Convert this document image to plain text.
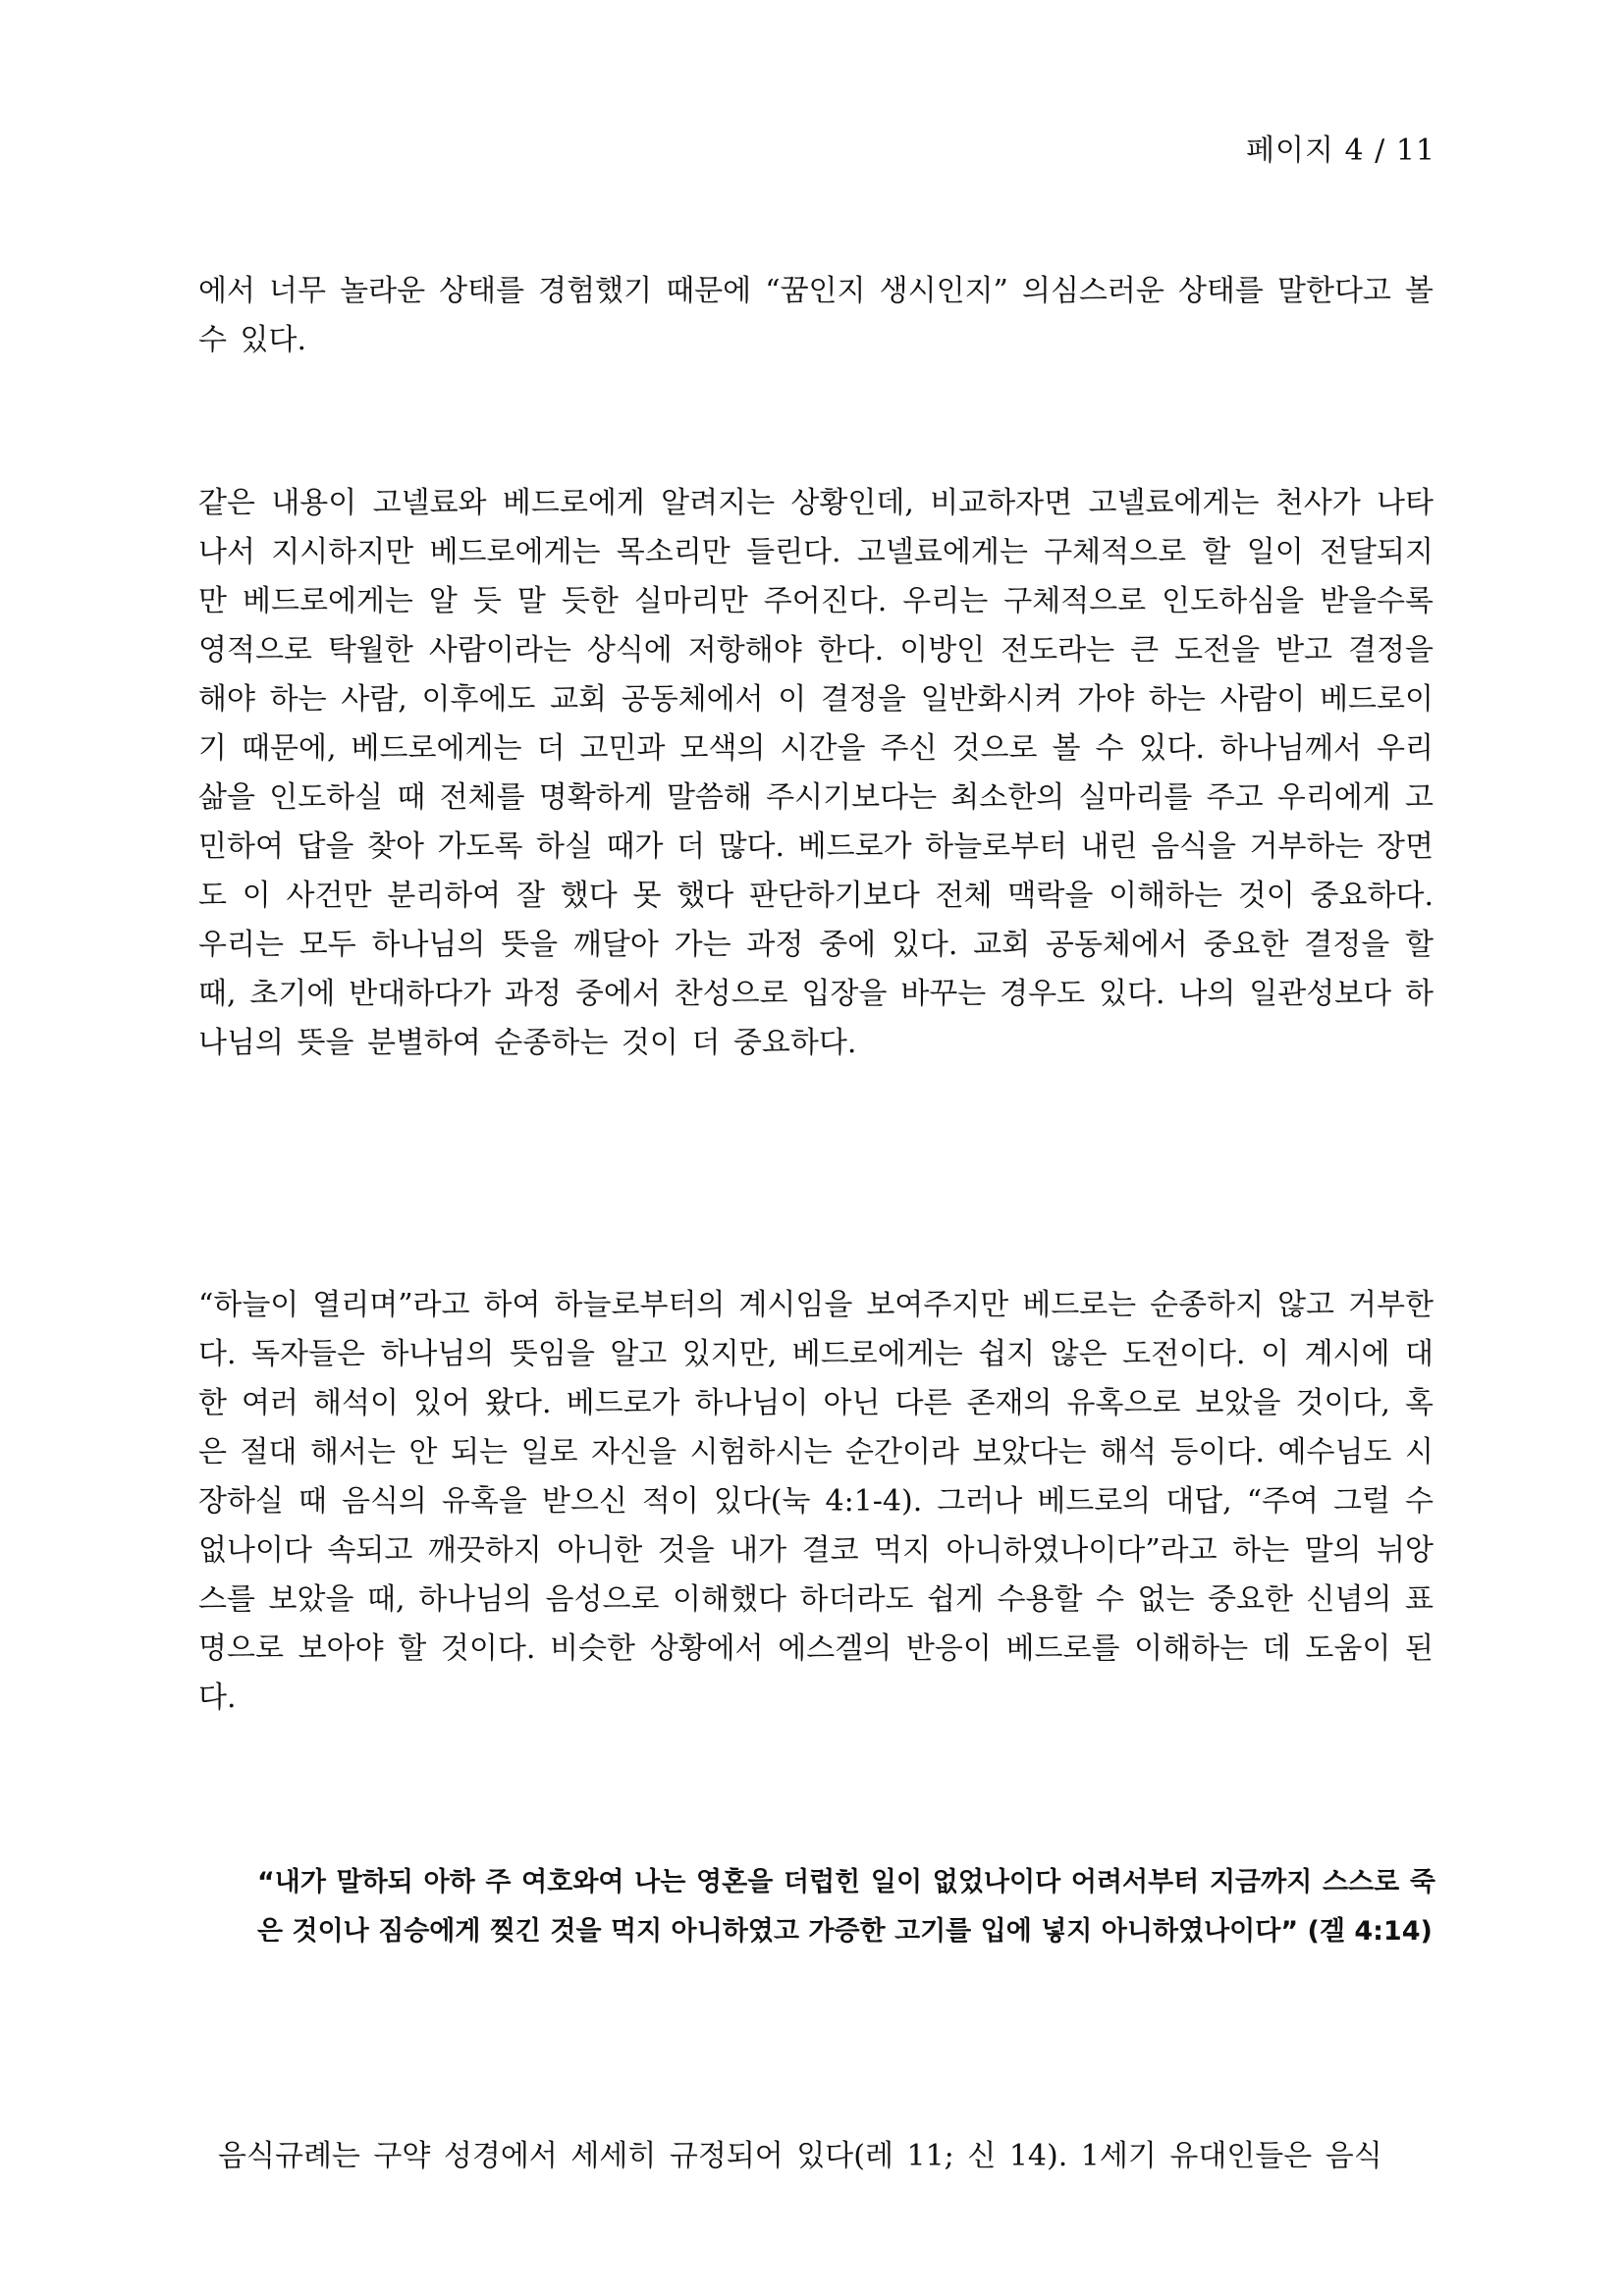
페이지 4 / 11

에서 너무 놀라운 상태를 경험했기 때문에 “꿈인지 생시인지” 의심스러운 상태를 말한다고 볼 수 있다.

같은 내용이 고넬료와 베드로에게 알려지는 상황인데, 비교하자면 고넬료에게는 천사가 나타나서 지시하지만 베드로에게는 목소리만 들린다. 고넬료에게는 구체적으로 할 일이 전달되지만 베드로에게는 알 듯 말 듯한 실마리만 주어진다. 우리는 구체적으로 인도하심을 받을수록 영적으로 탁월한 사람이라는 상식에 저항해야 한다. 이방인 전도라는 큰 도전을 받고 결정을 해야 하는 사람, 이후에도 교회 공동체에서 이 결정을 일반화시켜 가야 하는 사람이 베드로이기 때문에, 베드로에게는 더 고민과 모색의 시간을 주신 것으로 볼 수 있다. 하나님께서 우리 삶을 인도하실 때 전체를 명확하게 말씀해 주시기보다는 최소한의 실마리를 주고 우리에게 고민하여 답을 찾아 가도록 하실 때가 더 많다. 베드로가 하늘로부터 내린 음식을 거부하는 장면도 이 사건만 분리하여 잘 했다 못 했다 판단하기보다 전체 맥락을 이해하는 것이 중요하다. 우리는 모두 하나님의 뜻을 깨달아 가는 과정 중에 있다. 교회 공동체에서 중요한 결정을 할 때, 초기에 반대하다가 과정 중에서 찬성으로 입장을 바꾸는 경우도 있다. 나의 일관성보다 하나님의 뜻을 분별하여 순종하는 것이 더 중요하다.

“하늘이 열리며”라고 하여 하늘로부터의 계시임을 보여주지만 베드로는 순종하지 않고 거부한다. 독자들은 하나님의 뜻임을 알고 있지만, 베드로에게는 쉽지 않은 도전이다. 이 계시에 대한 여러 해석이 있어 왔다. 베드로가 하나님이 아닌 다른 존재의 유혹으로 보았을 것이다, 혹은 절대 해서는 안 되는 일로 자신을 시험하시는 순간이라 보았다는 해석 등이다. 예수님도 시장하실 때 음식의 유혹을 받으신 적이 있다(눅 4:1-4). 그러나 베드로의 대답, “주여 그럴 수 없나이다 속되고 깨끗하지 아니한 것을 내가 결코 먹지 아니하였나이다”라고 하는 말의 뉘앙스를 보았을 때, 하나님의 음성으로 이해했다 하더라도 쉽게 수용할 수 없는 중요한 신념의 표명으로 보아야 할 것이다. 비슷한 상황에서 에스겔의 반응이 베드로를 이해하는 데 도움이 된다.

“내가 말하되 아하 주 여호와여 나는 영혼을 더럽힌 일이 없었나이다 어려서부터 지금까지 스스로 죽은 것이나 짐승에게 찢긴 것을 먹지 아니하였고 가증한 고기를 입에 넣지 아니하였나이다” (겔 4:14)

음식규례는 구약 성경에서 세세히 규정되어 있다(레 11; 신 14). 1세기 유대인들은 음식
